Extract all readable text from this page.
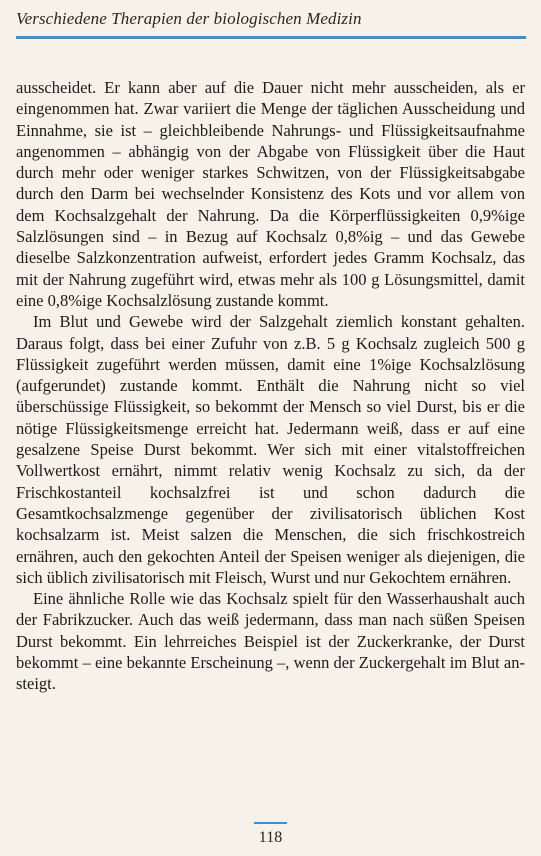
Verschiedene Therapien der biologischen Medizin

ausscheidet. Er kann aber auf die Dauer nicht mehr ausscheiden, als er eingenommen hat. Zwar variiert die Menge der täglichen Ausscheidung und Einnahme, sie ist – gleichbleibende Nahrungs- und Flüssigkeitsaufnahme angenommen – abhängig von der Abgabe von Flüssigkeit über die Haut durch mehr oder weniger starkes Schwitzen, von der Flüssigkeitsabgabe durch den Darm bei wechselnder Konsistenz des Kots und vor allem von dem Kochsalzgehalt der Nahrung. Da die Körperflüssigkeiten 0,9%ige Salzlösungen sind – in Bezug auf Kochsalz 0,8%ig – und das Gewebe dieselbe Salzkonzentration aufweist, erfordert jedes Gramm Kochsalz, das mit der Nahrung zugeführt wird, etwas mehr als 100 g Lösungsmittel, damit eine 0,8%ige Kochsalzlösung zustande kommt.

Im Blut und Gewebe wird der Salzgehalt ziemlich konstant gehalten. Daraus folgt, dass bei einer Zufuhr von z.B. 5 g Kochsalz zugleich 500 g Flüssigkeit zugeführt werden müssen, damit eine 1%ige Kochsalzlösung (aufgerundet) zustande kommt. Enthält die Nahrung nicht so viel überschüssige Flüssigkeit, so bekommt der Mensch so viel Durst, bis er die nötige Flüssigkeitsmenge erreicht hat. Jedermann weiß, dass er auf eine gesalzene Speise Durst bekommt. Wer sich mit einer vitalstoffreichen Vollwertkost ernährt, nimmt relativ wenig Kochsalz zu sich, da der Frischkostanteil kochsalzfrei ist und schon dadurch die Gesamtkochsalzmenge gegenüber der zivilisatorisch üblichen Kost kochsalzarm ist. Meist salzen die Menschen, die sich frischkostreich ernähren, auch den gekochten Anteil der Speisen weniger als diejenigen, die sich üblich zivilisatorisch mit Fleisch, Wurst und nur Gekochtem ernähren.

Eine ähnliche Rolle wie das Kochsalz spielt für den Wasserhaushalt auch der Fabrikzucker. Auch das weiß jedermann, dass man nach süßen Speisen Durst bekommt. Ein lehrreiches Beispiel ist der Zuckerkranke, der Durst bekommt – eine bekannte Erscheinung –, wenn der Zuckergehalt im Blut ansteigt.

118
